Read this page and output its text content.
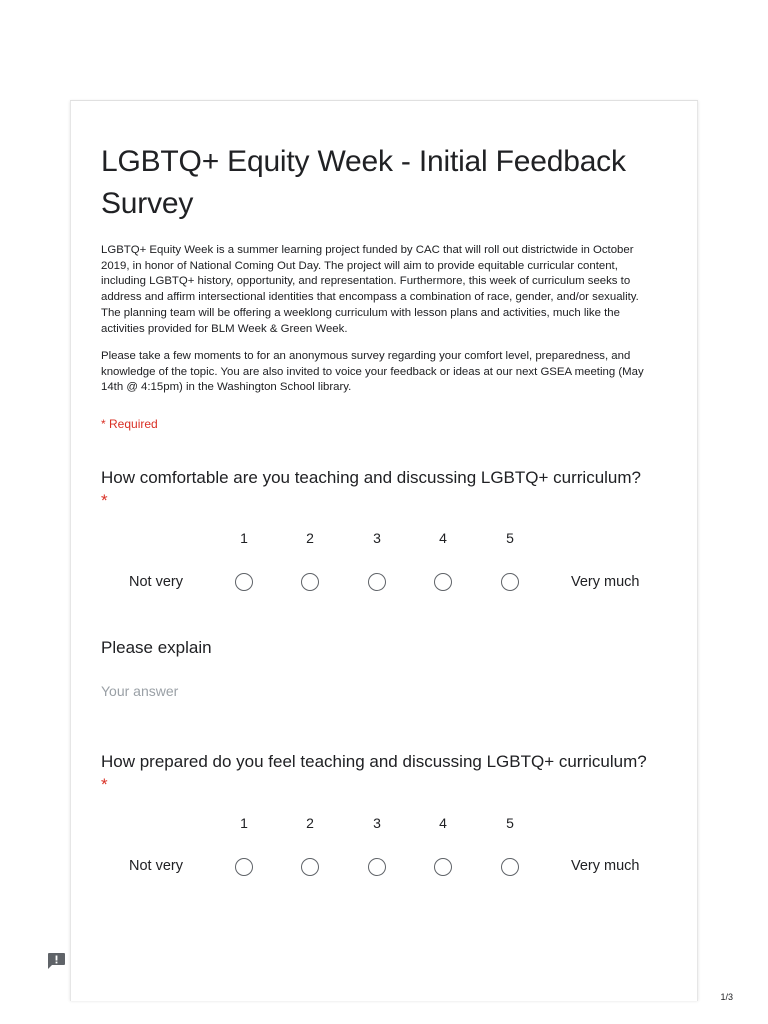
LGBTQ+ Equity Week - Initial Feedback Survey
LGBTQ+ Equity Week is a summer learning project funded by CAC that will roll out districtwide in October 2019, in honor of National Coming Out Day. The project will aim to provide equitable curricular content, including LGBTQ+ history, opportunity, and representation. Furthermore, this week of curriculum seeks to address and affirm intersectional identities that encompass a combination of race, gender, and/or sexuality. The planning team will be offering a weeklong curriculum with lesson plans and activities, much like the activities provided for BLM Week & Green Week.
Please take a few moments to for an anonymous survey regarding your comfort level, preparedness, and knowledge of the topic. You are also invited to voice your feedback or ideas at our next GSEA meeting (May 14th @ 4:15pm) in the Washington School library.
* Required
How comfortable are you teaching and discussing LGBTQ+ curriculum?
*
1	2	3	4	5
Not very	Very much
Please explain
Your answer
How prepared do you feel teaching and discussing LGBTQ+ curriculum?
*
1	2	3	4	5
Not very	Very much
1/3
